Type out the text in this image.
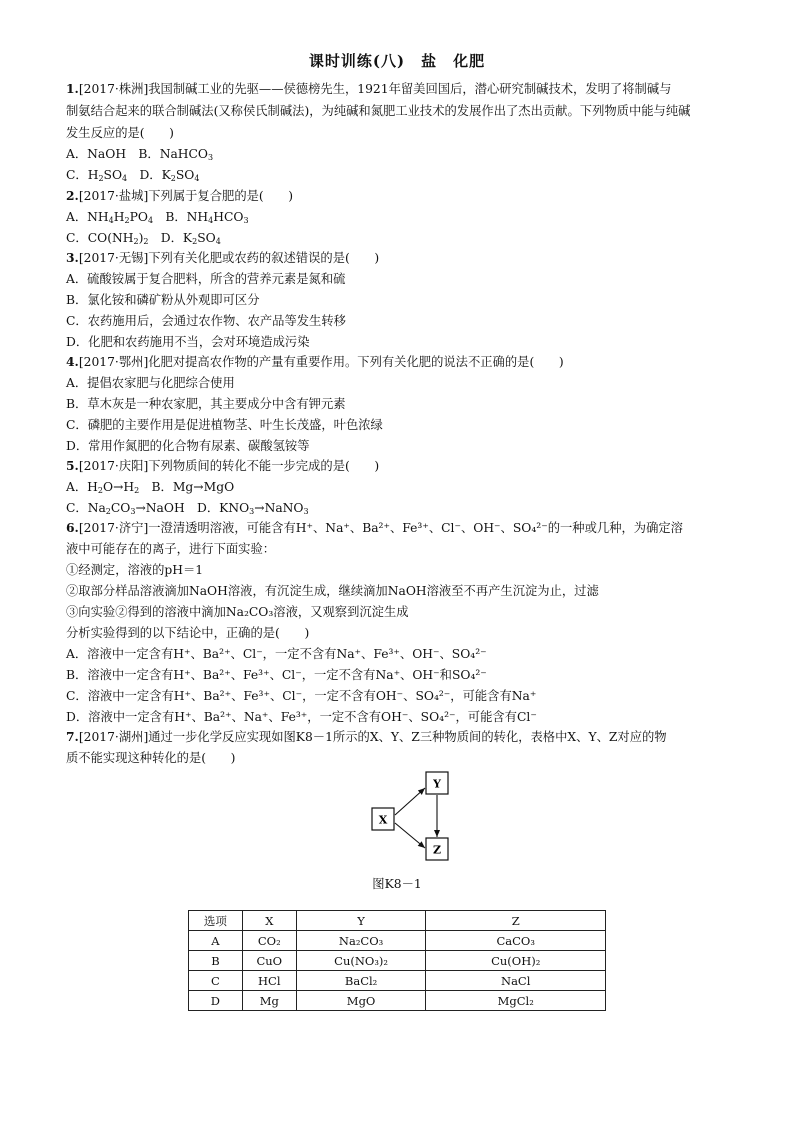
课时训练(八)　盐　化肥
1.[2017·株洲]我国制碱工业的先驱——侯德榜先生，1921年留美回国后，潜心研究制碱技术，发明了将制碱与
制氨结合起来的联合制碱法(又称侯氏制碱法)，为纯碱和氮肥工业技术的发展作出了杰出贡献。下列物质中能与纯碱
发生反应的是(　　)
A．NaOH　B．NaHCO$_3$
C．$H_2SO_4$　D．$K_2SO_4$
2.[2017·盐城]下列属于复合肥的是(　　)
A．$NH_4H_2PO_4$　B．$NH_4HCO_3$
C．$CO(NH_2)_2$　D．$K_2SO_4$
3.[2017·无锡]下列有关化肥或农药的叙述错误的是(　　)
A．硫酸铵属于复合肥料，所含的营养元素是氮和硫
B．氯化铵和磷矿粉从外观即可区分
C．农药施用后，会通过农作物、农产品等发生转移
D．化肥和农药施用不当，会对环境造成污染
4.[2017·鄂州]化肥对提高农作物的产量有重要作用。下列有关化肥的说法不正确的是(　　)
A．提倡农家肥与化肥综合使用
B．草木灰是一种农家肥，其主要成分中含有钾元素
C．磷肥的主要作用是促进植物茎、叶生长茂盛，叶色浓绿
D．常用作氮肥的化合物有尿素、碳酸氢铵等
5.[2017·庆阳]下列物质间的转化不能一步完成的是(　　)
A．$H_2O\to H_2$　B．Mg→MgO
C．$Na_2CO_3\to NaOH$　D．$KNO_3\to NaNO_3$
6.[2017·济宁]一澄清透明溶液，可能含有H⁺、Na⁺、Ba²⁺、Fe³⁺、Cl⁻、OH⁻、SO₄²⁻的一种或几种，为确定溶
液中可能存在的离子，进行下面实验：
①经测定，溶液的pH＝1
②取部分样品溶液滴加NaOH溶液，有沉淀生成，继续滴加NaOH溶液至不再产生沉淀为止，过滤
③向实验②得到的溶液中滴加Na₂CO₃溶液，又观察到沉淀生成
分析实验得到的以下结论中，正确的是(　　)
A．溶液中一定含有H⁺、Ba²⁺、Cl⁻，一定不含有Na⁺、Fe³⁺、OH⁻、SO₄²⁻
B．溶液中一定含有H⁺、Ba²⁺、Fe³⁺、Cl⁻，一定不含有Na⁺、OH⁻和SO₄²⁻
C．溶液中一定含有H⁺、Ba²⁺、Fe³⁺、Cl⁻，一定不含有OH⁻、SO₄²⁻，可能含有Na⁺
D．溶液中一定含有H⁺、Ba²⁺、Na⁺、Fe³⁺，一定不含有OH⁻、SO₄²⁻，可能含有Cl⁻
7.[2017·湖州]通过一步化学反应实现如图K8－1所示的X、Y、Z三种物质间的转化，表格中X、Y、Z对应的物
质不能实现这种转化的是(　　)
Y
X
Z
图K8－1
选项	X	Y	Z
A	CO₂	Na₂CO₃	CaCO₃
B	CuO	Cu(NO₃)₂	Cu(OH)₂
C	HCl	BaCl₂	NaCl
D	Mg	MgO	MgCl₂
